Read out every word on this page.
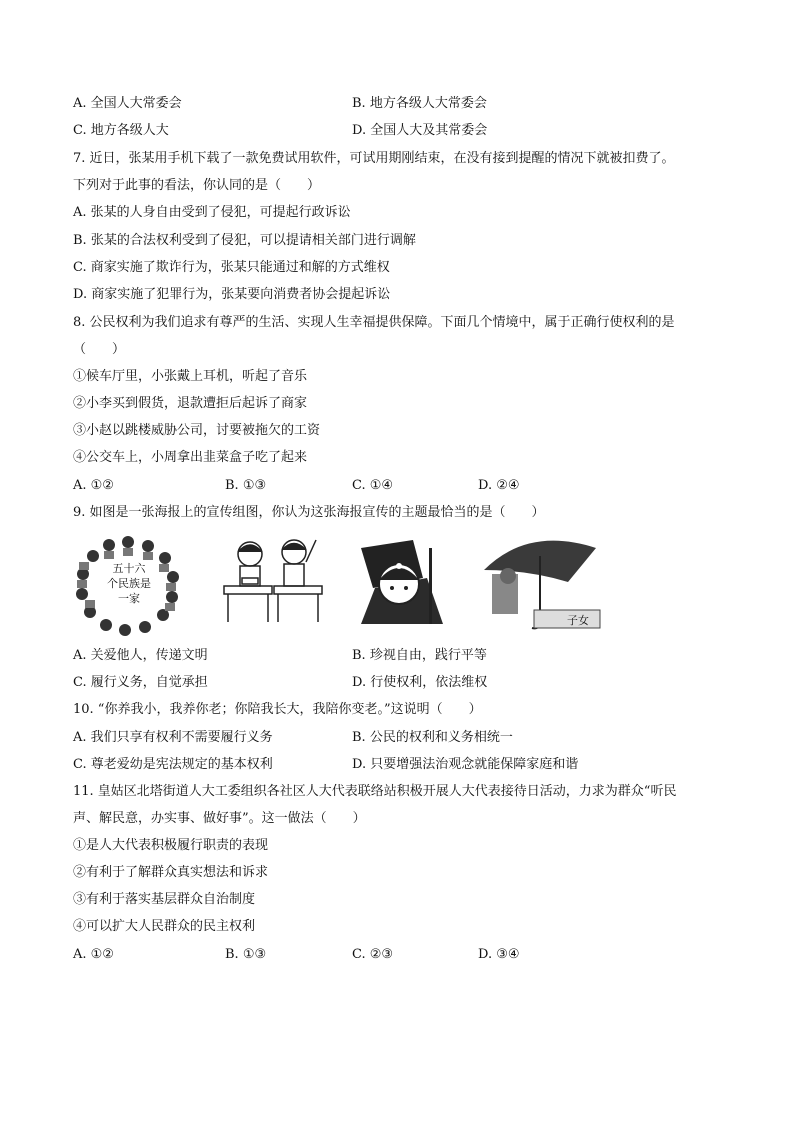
A. 全国人大常委会	B. 地方各级人大常委会
C. 地方各级人大	D. 全国人大及其常委会
7. 近日，张某用手机下载了一款免费试用软件，可试用期刚结束，在没有接到提醒的情况下就被扣费了。
下列对于此事的看法，你认同的是（　　）
A. 张某的人身自由受到了侵犯，可提起行政诉讼
B. 张某的合法权利受到了侵犯，可以提请相关部门进行调解
C. 商家实施了欺诈行为，张某只能通过和解的方式维权
D. 商家实施了犯罪行为，张某要向消费者协会提起诉讼
8. 公民权利为我们追求有尊严的生活、实现人生幸福提供保障。下面几个情境中，属于正确行使权利的是
（　　）
①候车厅里，小张戴上耳机，听起了音乐
②小李买到假货，退款遭拒后起诉了商家
③小赵以跳楼威胁公司，讨要被拖欠的工资
④公交车上，小周拿出韭菜盒子吃了起来
A. ①②	B. ①③	C. ①④	D. ②④
9. 如图是一张海报上的宣传组图，你认为这张海报宣传的主题最恰当的是（　　）
五十六
个民族是
一家
子女
A. 关爱他人，传递文明	B. 珍视自由，践行平等
C. 履行义务，自觉承担	D. 行使权利，依法维权
10. “你养我小，我养你老；你陪我长大，我陪你变老。”这说明（　　）
A. 我们只享有权利不需要履行义务	B. 公民的权利和义务相统一
C. 尊老爱幼是宪法规定的基本权利	D. 只要增强法治观念就能保障家庭和谐
11. 皇姑区北塔街道人大工委组织各社区人大代表联络站积极开展人大代表接待日活动，力求为群众“听民
声、解民意，办实事、做好事”。这一做法（　　）
①是人大代表积极履行职责的表现
②有利于了解群众真实想法和诉求
③有利于落实基层群众自治制度
④可以扩大人民群众的民主权利
A. ①②	B. ①③	C. ②③	D. ③④
